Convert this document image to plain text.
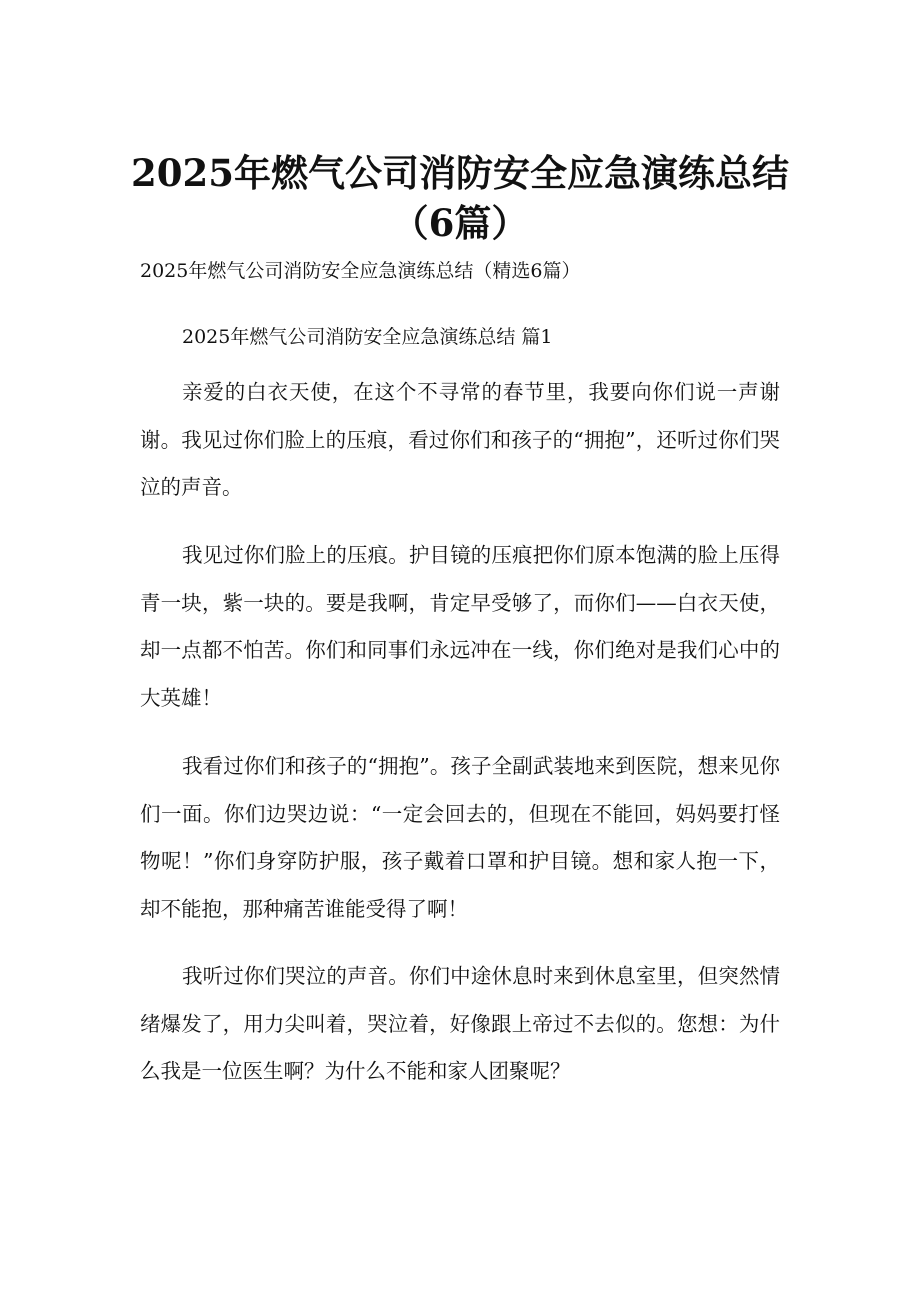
2025年燃气公司消防安全应急演练总结（6篇）

2025年燃气公司消防安全应急演练总结（精选6篇）

2025年燃气公司消防安全应急演练总结 篇1

亲爱的白衣天使，在这个不寻常的春节里，我要向你们说一声谢谢。我见过你们脸上的压痕，看过你们和孩子的“拥抱”，还听过你们哭泣的声音。

我见过你们脸上的压痕。护目镜的压痕把你们原本饱满的脸上压得青一块，紫一块的。要是我啊，肯定早受够了，而你们——白衣天使，却一点都不怕苦。你们和同事们永远冲在一线，你们绝对是我们心中的大英雄！

我看过你们和孩子的“拥抱”。孩子全副武装地来到医院，想来见你们一面。你们边哭边说：“一定会回去的，但现在不能回，妈妈要打怪物呢！”你们身穿防护服，孩子戴着口罩和护目镜。想和家人抱一下，却不能抱，那种痛苦谁能受得了啊！

我听过你们哭泣的声音。你们中途休息时来到休息室里，但突然情绪爆发了，用力尖叫着，哭泣着，好像跟上帝过不去似的。您想：为什么我是一位医生啊？为什么不能和家人团聚呢？
